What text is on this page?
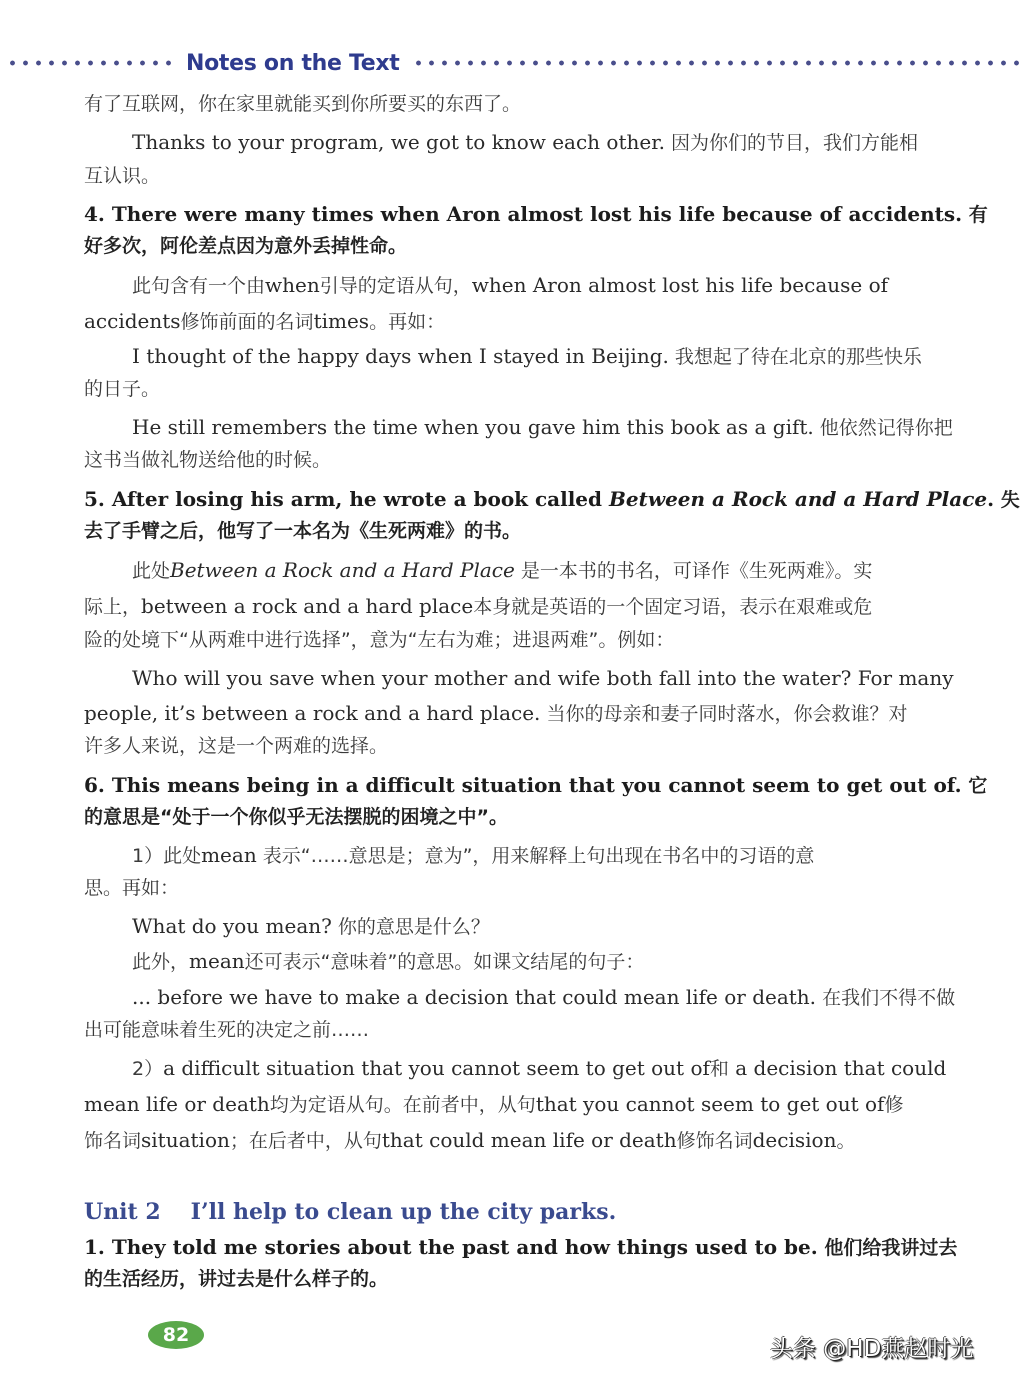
Notes on the Text
有了互联网，你在家里就能买到你所要买的东西了。
Thanks to your program, we got to know each other. 因为你们的节目，我们方能相
互认识。
4. There were many times when Aron almost lost his life because of accidents. 有
好多次，阿伦差点因为意外丢掉性命。
此句含有一个由when引导的定语从句，when Aron almost lost his life because of
accidents修饰前面的名词times。再如：
I thought of the happy days when I stayed in Beijing. 我想起了待在北京的那些快乐
的日子。
He still remembers the time when you gave him this book as a gift. 他依然记得你把
这书当做礼物送给他的时候。
5. After losing his arm, he wrote a book called Between a Rock and a Hard Place. 失
去了手臂之后，他写了一本名为《生死两难》的书。
此处Between a Rock and a Hard Place 是一本书的书名，可译作《生死两难》。实
际上，between a rock and a hard place本身就是英语的一个固定习语，表示在艰难或危
险的处境下“从两难中进行选择”，意为“左右为难；进退两难”。例如：
Who will you save when your mother and wife both fall into the water? For many
people, it’s between a rock and a hard place. 当你的母亲和妻子同时落水，你会救谁？对
许多人来说，这是一个两难的选择。
6. This means being in a difficult situation that you cannot seem to get out of. 它
的意思是“处于一个你似乎无法摆脱的困境之中”。
1）此处mean 表示“……意思是；意为”，用来解释上句出现在书名中的习语的意
思。再如：
What do you mean? 你的意思是什么？
此外，mean还可表示“意味着”的意思。如课文结尾的句子：
... before we have to make a decision that could mean life or death. 在我们不得不做
出可能意味着生死的决定之前……
2）a difficult situation that you cannot seem to get out of和 a decision that could
mean life or death均为定语从句。在前者中，从句that you cannot seem to get out of修
饰名词situation；在后者中，从句that could mean life or death修饰名词decision。
Unit 2 I’ll help to clean up the city parks.
1. They told me stories about the past and how things used to be. 他们给我讲过去
的生活经历，讲过去是什么样子的。
82
头条 @HD燕赵时光
